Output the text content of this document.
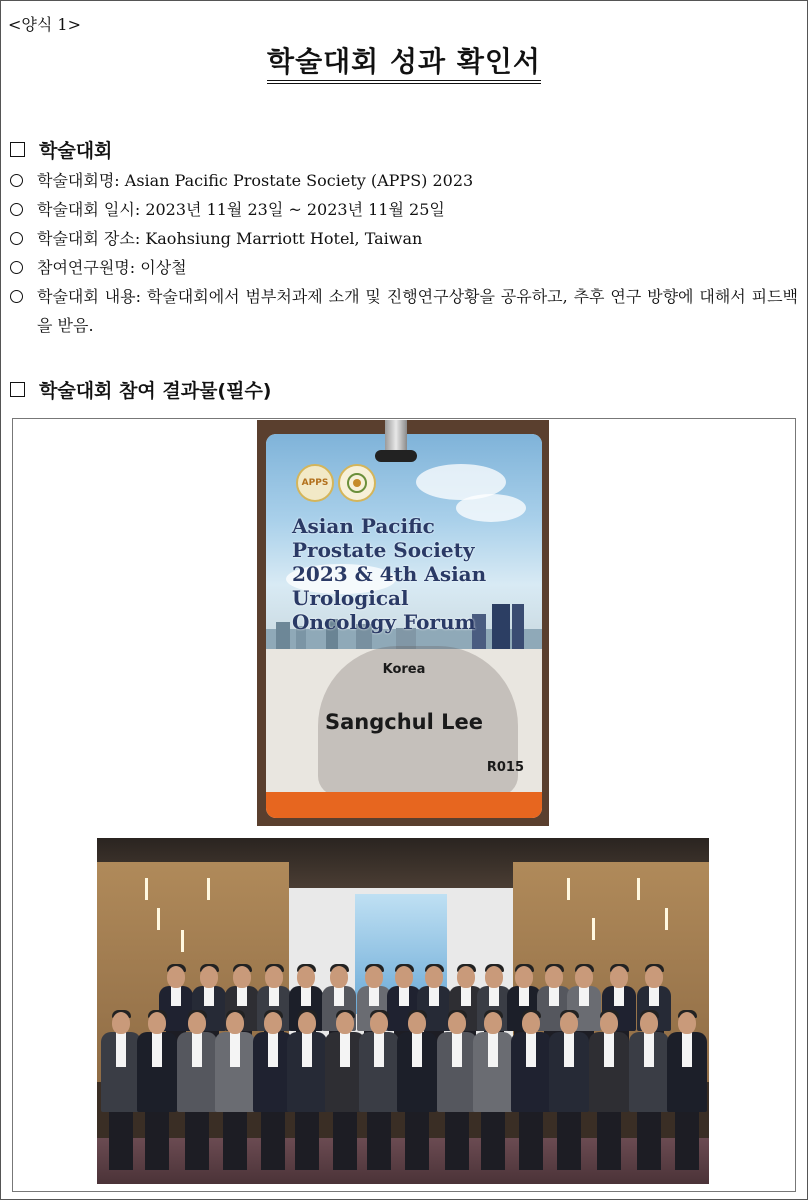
<양식 1>
학술대회 성과 확인서
학술대회
학술대회명: Asian Pacific Prostate Society (APPS) 2023
학술대회 일시: 2023년 11월 23일 ~ 2023년 11월 25일
학술대회 장소: Kaohsiung Marriott Hotel, Taiwan
참여연구원명: 이상철
학술대회 내용: 학술대회에서 범부처과제 소개 및 진행연구상황을 공유하고, 추후 연구 방향에 대해서 피드백을 받음.
학술대회 참여 결과물(필수)
APPS
Asian Pacific
Prostate Society
2023 & 4th Asian
Urological
Oncology Forum
Korea
Sangchul Lee
R015
